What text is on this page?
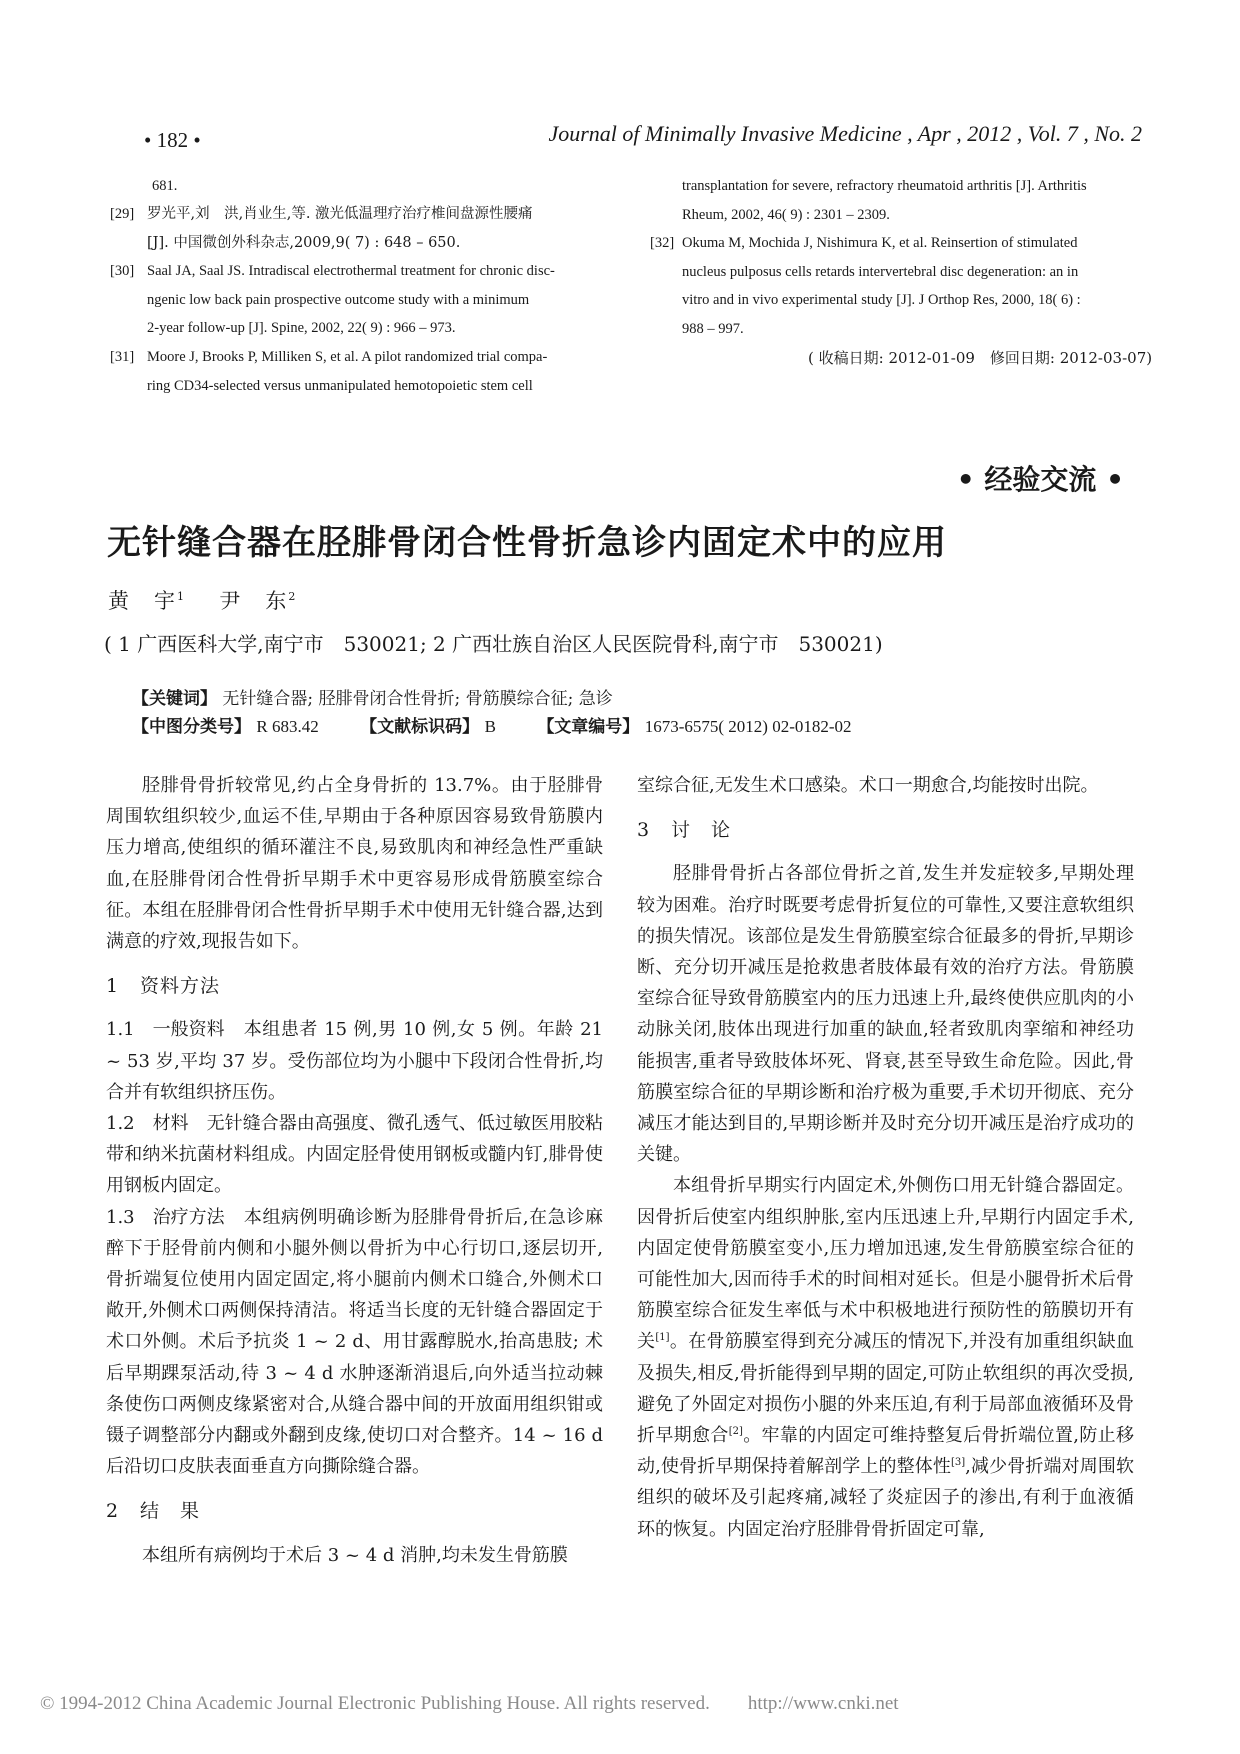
• 182 •	Journal of Minimally Invasive Medicine , Apr , 2012 , Vol. 7 , No. 2
681.
[29] 罗光平,刘　洪,肖业生,等. 激光低温理疗治疗椎间盘源性腰痛
[J]. 中国微创外科杂志,2009,9( 7) : 648 – 650.
[30] Saal JA, Saal JS. Intradiscal electrothermal treatment for chronic disc-
ngenic low back pain prospective outcome study with a minimum
2-year follow-up [J]. Spine, 2002, 22( 9) : 966 – 973.
[31] Moore J, Brooks P, Milliken S, et al. A pilot randomized trial compa-
ring CD34-selected versus unmanipulated hemotopoietic stem cell
transplantation for severe, refractory rheumatoid arthritis [J]. Arthritis
Rheum, 2002, 46( 9) : 2301 – 2309.
[32] Okuma M, Mochida J, Nishimura K, et al. Reinsertion of stimulated
nucleus pulposus cells retards intervertebral disc degeneration: an in
vitro and in vivo experimental study [J]. J Orthop Res, 2000, 18( 6) :
988 – 997.
( 收稿日期: 2012-01-09　修回日期: 2012-03-07)
• 经验交流 •
无针缝合器在胫腓骨闭合性骨折急诊内固定术中的应用
黄　宇$^1$ 尹　东$^2$
( 1 广西医科大学,南宁市　530021; 2 广西壮族自治区人民医院骨科,南宁市　530021)
【关键词】 无针缝合器; 胫腓骨闭合性骨折; 骨筋膜综合征; 急诊
【中图分类号】 R 683.42 【文献标识码】 B 【文章编号】 1673-6575( 2012) 02-0182-02

胫腓骨骨折较常见,约占全身骨折的 13.7%。由于胫腓骨周围软组织较少,血运不佳,早期由于各种原因容易致骨筋膜内压力增高,使组织的循环灌注不良,易致肌肉和神经急性严重缺血,在胫腓骨闭合性骨折早期手术中更容易形成骨筋膜室综合征。本组在胫腓骨闭合性骨折早期手术中使用无针缝合器,达到满意的疗效,现报告如下。

1 资料方法

1.1　一般资料　 本组患者 15 例,男 10 例,女 5 例。年龄 21 ~ 53 岁,平均 37 岁。受伤部位均为小腿中下段闭合性骨折,均合并有软组织挤压伤。

1.2　材料　 无针缝合器由高强度、微孔透气、低过敏医用胶粘带和纳米抗菌材料组成。内固定胫骨使用钢板或髓内钉,腓骨使用钢板内固定。

1.3　治疗方法　 本组病例明确诊断为胫腓骨骨折后,在急诊麻醉下于胫骨前内侧和小腿外侧以骨折为中心行切口,逐层切开,骨折端复位使用内固定固定,将小腿前内侧术口缝合,外侧术口敞开,外侧术口两侧保持清洁。将适当长度的无针缝合器固定于术口外侧。术后予抗炎 1 ~ 2 d、用甘露醇脱水,抬高患肢; 术后早期踝泵活动,待 3 ~ 4 d 水肿逐渐消退后,向外适当拉动棘条使伤口两侧皮缘紧密对合,从缝合器中间的开放面用组织钳或镊子调整部分内翻或外翻到皮缘,使切口对合整齐。14 ~ 16 d 后沿切口皮肤表面垂直方向撕除缝合器。

2 结　果

本组所有病例均于术后 3 ~ 4 d 消肿,均未发生骨筋膜

室综合征,无发生术口感染。术口一期愈合,均能按时出院。

3 讨　论

胫腓骨骨折占各部位骨折之首,发生并发症较多,早期处理较为困难。治疗时既要考虑骨折复位的可靠性,又要注意软组织的损失情况。该部位是发生骨筋膜室综合征最多的骨折,早期诊断、充分切开减压是抢救患者肢体最有效的治疗方法。骨筋膜室综合征导致骨筋膜室内的压力迅速上升,最终使供应肌肉的小动脉关闭,肢体出现进行加重的缺血,轻者致肌肉挛缩和神经功能损害,重者导致肢体坏死、肾衰,甚至导致生命危险。因此,骨筋膜室综合征的早期诊断和治疗极为重要,手术切开彻底、充分减压才能达到目的,早期诊断并及时充分切开减压是治疗成功的关键。

本组骨折早期实行内固定术,外侧伤口用无针缝合器固定。因骨折后使室内组织肿胀,室内压迅速上升,早期行内固定手术,内固定使骨筋膜室变小,压力增加迅速,发生骨筋膜室综合征的可能性加大,因而待手术的时间相对延长。但是小腿骨折术后骨筋膜室综合征发生率低与术中积极地进行预防性的筋膜切开有关[1]。在骨筋膜室得到充分减压的情况下,并没有加重组织缺血及损失,相反,骨折能得到早期的固定,可防止软组织的再次受损,避免了外固定对损伤小腿的外来压迫,有利于局部血液循环及骨折早期愈合[2]。牢靠的内固定可维持整复后骨折端位置,防止移动,使骨折早期保持着解剖学上的整体性[3],减少骨折端对周围软组织的破坏及引起疼痛,减轻了炎症因子的渗出,有利于血液循环的恢复。内固定治疗胫腓骨骨折固定可靠,

© 1994-2012 China Academic Journal Electronic Publishing House. All rights reserved.　　http://www.cnki.net
